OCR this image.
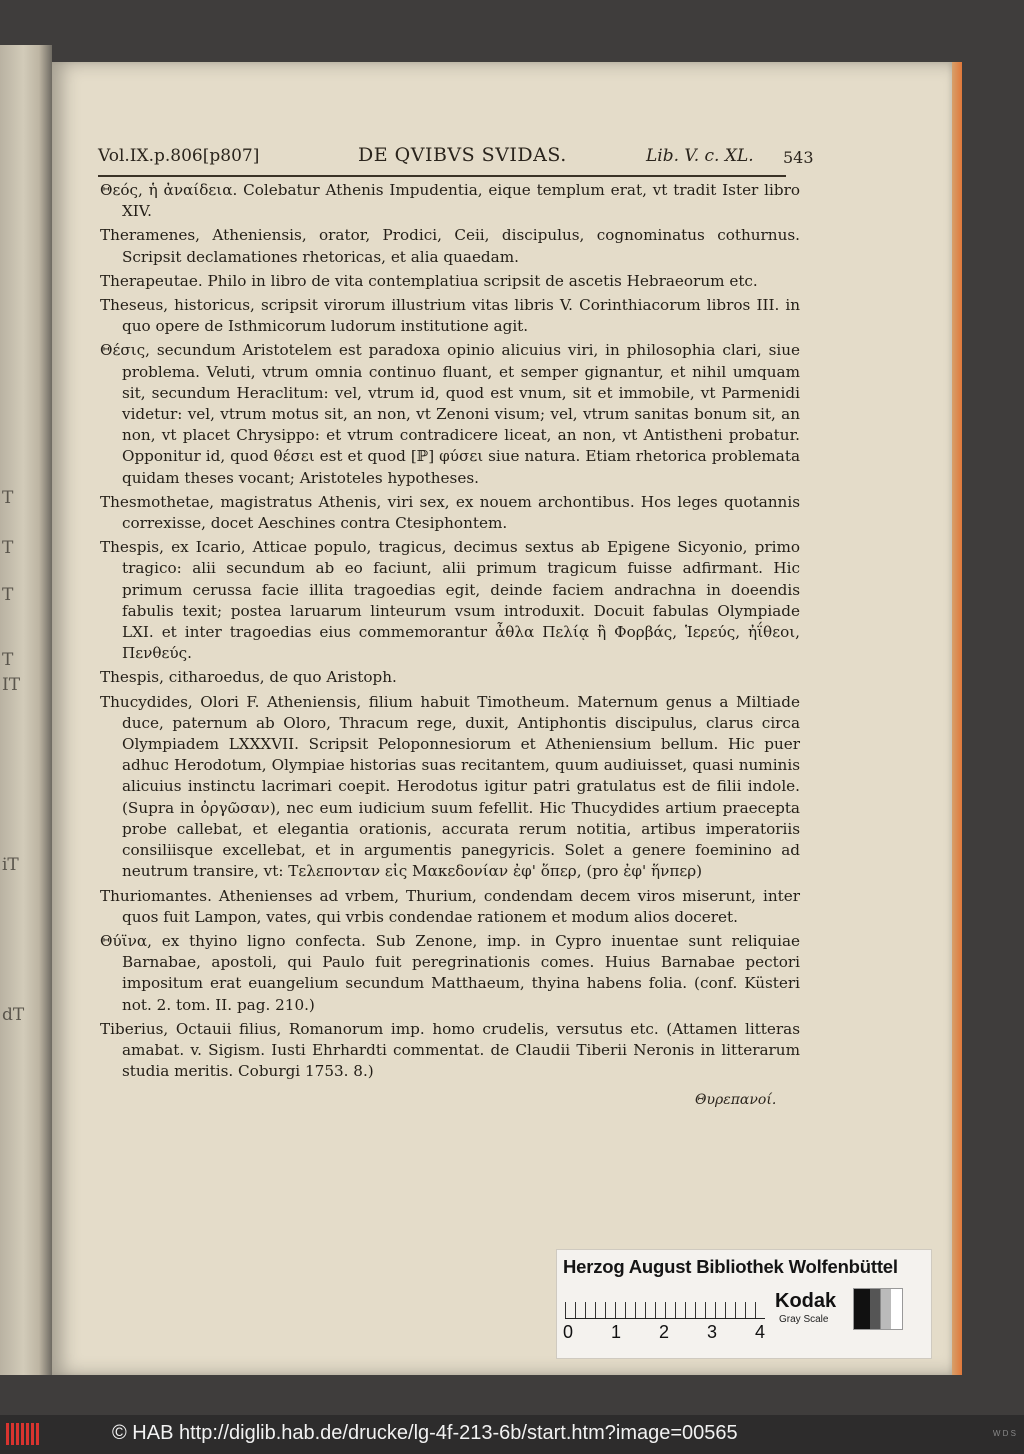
T
T
T
T
IT
iT
dT
Vol.IX.p.806[p807]	DE QVIBVS SVIDAS.	Lib. V. c. XL. 543

Θεός, ἡ ἀναίδεια. Colebatur Athenis Impudentia, eique templum erat, vt tradit Ister libro XIV.

Theramenes, Atheniensis, orator, Prodici, Ceii, discipulus, cognominatus cothurnus. Scripsit declamationes rhetoricas, et alia quaedam.

Therapeutae. Philo in libro de vita contemplatiua scripsit de ascetis Hebraeorum etc.

Theseus, historicus, scripsit virorum illustrium vitas libris V. Corinthiacorum libros III. in quo opere de Isthmicorum ludorum institutione agit.

Θέσις, secundum Aristotelem est paradoxa opinio alicuius viri, in philosophia clari, siue problema. Veluti, vtrum omnia continuo fluant, et semper gignantur, et nihil umquam sit, secundum Heraclitum: vel, vtrum id, quod est vnum, sit et immobile, vt Parmenidi videtur: vel, vtrum motus sit, an non, vt Zenoni visum; vel, vtrum sanitas bonum sit, an non, vt placet Chrysippo: et vtrum contradicere liceat, an non, vt Antistheni probatur. Opponitur id, quod θέσει est et quod [ℙ] φύσει siue natura. Etiam rhetorica problemata quidam theses vocant; Aristoteles hypotheses.

Thesmothetae, magistratus Athenis, viri sex, ex nouem archontibus. Hos leges quotannis correxisse, docet Aeschines contra Ctesiphontem.

Thespis, ex Icario, Atticae populo, tragicus, decimus sextus ab Epigene Sicyonio, primo tragico: alii secundum ab eo faciunt, alii primum tragicum fuisse adfirmant. Hic primum cerussa facie illita tragoedias egit, deinde faciem andrachna in doeendis fabulis texit; postea laruarum linteurum vsum introduxit. Docuit fabulas Olympiade LXI. et inter tragoedias eius commemorantur ἆθλα Πελίᾳ ἢ Φορβάς, Ἱερεύς, ἠΐθεοι, Πενθεύς.

Thespis, citharoedus, de quo Aristoph.

Thucydides, Olori F. Atheniensis, filium habuit Timotheum. Maternum genus a Miltiade duce, paternum ab Oloro, Thracum rege, duxit, Antiphontis discipulus, clarus circa Olympiadem LXXXVII. Scripsit Peloponnesiorum et Atheniensium bellum. Hic puer adhuc Herodotum, Olympiae historias suas recitantem, quum audiuisset, quasi numinis alicuius instinctu lacrimari coepit. Herodotus igitur patri gratulatus est de filii indole. (Supra in ὀργῶσαν), nec eum iudicium suum fefellit. Hic Thucydides artium praecepta probe callebat, et elegantia orationis, accurata rerum notitia, artibus imperatoriis consiliisque excellebat, et in argumentis panegyricis. Solet a genere foeminino ad neutrum transire, vt: Τελεπονταν εἰς Μακεδονίαν ἐφ' ὅπερ, (pro ἐφ' ἥνπερ)

Thuriomantes. Athenienses ad vrbem, Thurium, condendam decem viros miserunt, inter quos fuit Lampon, vates, qui vrbis condendae rationem et modum alios doceret.

Θύϊνα, ex thyino ligno confecta. Sub Zenone, imp. in Cypro inuentae sunt reliquiae Barnabae, apostoli, qui Paulo fuit peregrinationis comes. Huius Barnabae pectori impositum erat euangelium secundum Matthaeum, thyina habens folia. (conf. Küsteri not. 2. tom. II. pag. 210.)

Tiberius, Octauii filius, Romanorum imp. homo crudelis, versutus etc. (Attamen litteras amabat. v. Sigism. Iusti Ehrhardti commentat. de Claudii Tiberii Neronis in litterarum studia meritis. Coburgi 1753. 8.)

Θυρεπανοί.
Herzog August Bibliothek Wolfenbüttel
0 1 2 3 4
Kodak
Gray Scale
© HAB http://diglib.hab.de/drucke/lg-4f-213-6b/start.htm?image=00565	W D S
